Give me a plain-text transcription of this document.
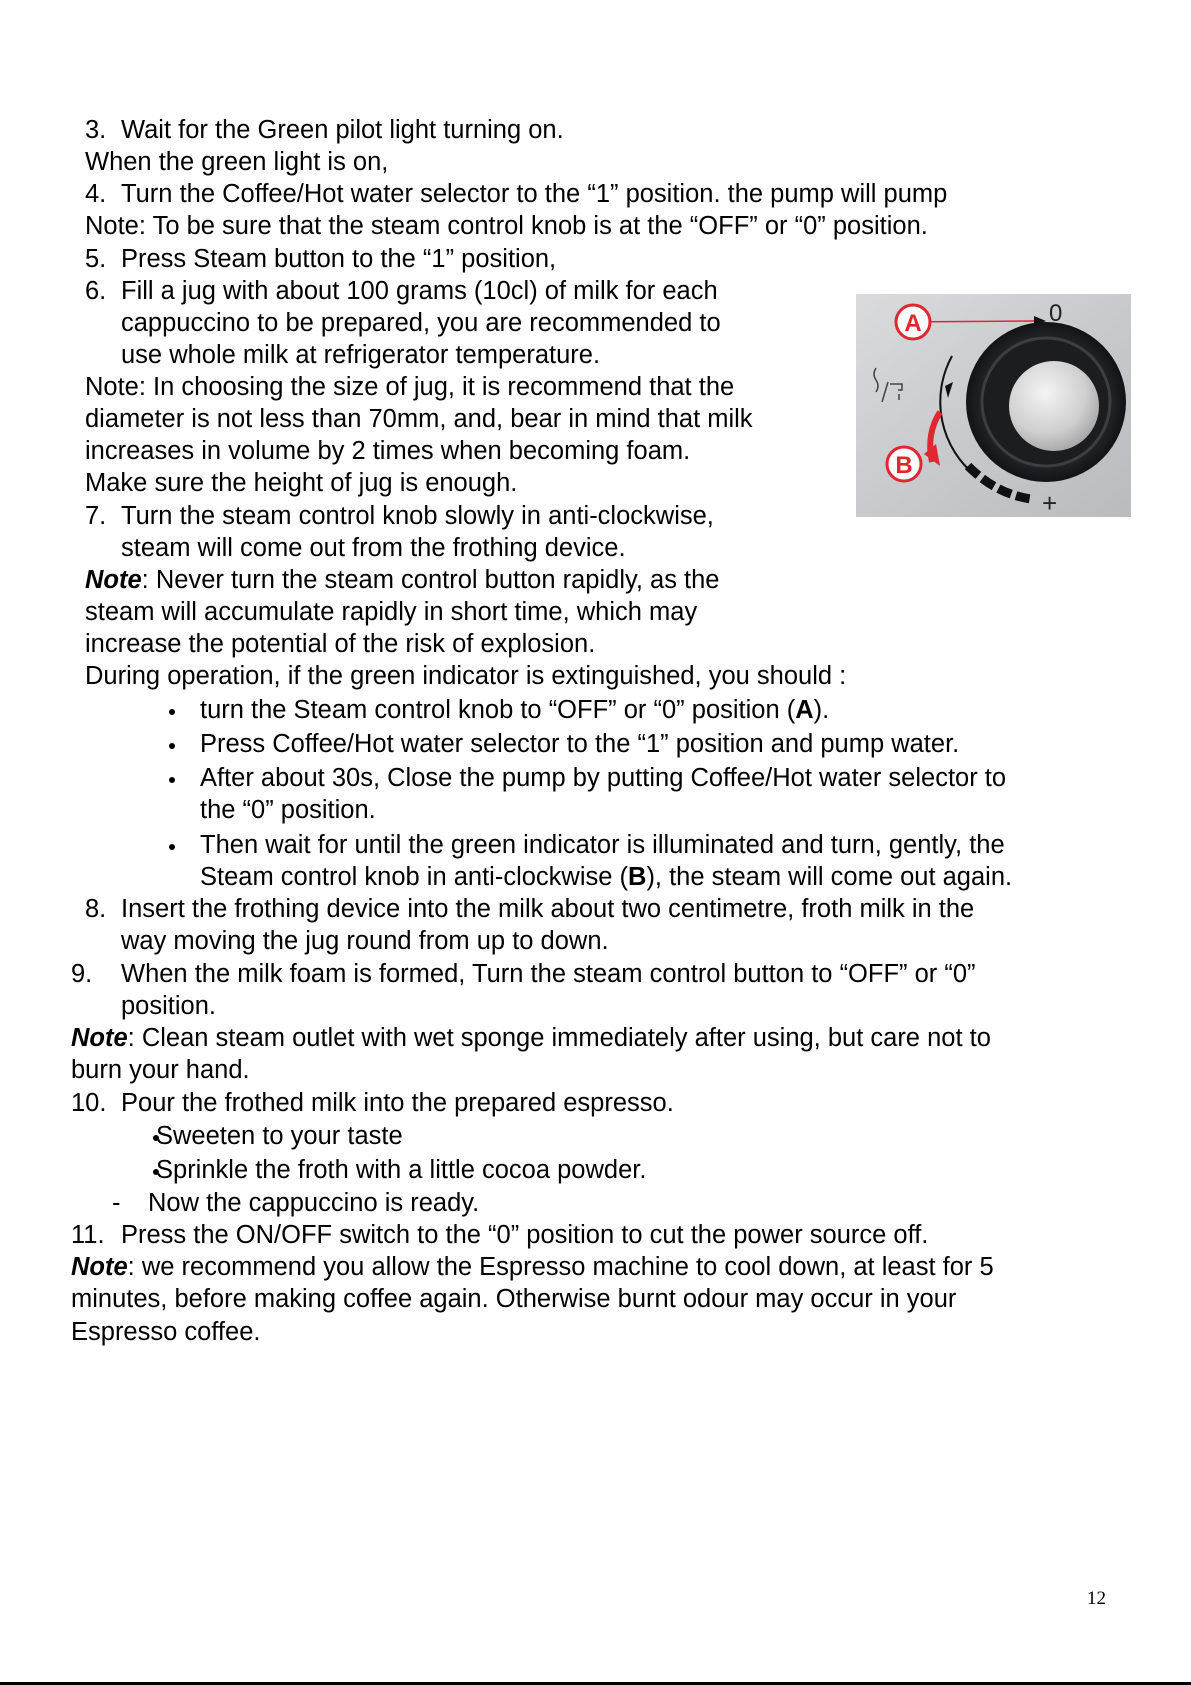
3. Wait for the Green pilot light turning on.
When the green light is on,
4. Turn the Coffee/Hot water selector to the “1” position. the pump will pump
Note: To be sure that the steam control knob is at the “OFF” or “0” position.
5. Press Steam button to the “1” position,
6. Fill a jug with about 100 grams (10cl) of milk for each
cappuccino to be prepared, you are recommended to
use whole milk at refrigerator temperature.
Note: In choosing the size of jug, it is recommend that the
diameter is not less than 70mm, and, bear in mind that milk
increases in volume by 2 times when becoming foam.
Make sure the height of jug is enough.
7. Turn the steam control knob slowly in anti-clockwise,
steam will come out from the frothing device.
Note: Never turn the steam control button rapidly, as the
steam will accumulate rapidly in short time, which may
increase the potential of the risk of explosion.
During operation, if the green indicator is extinguished, you should :
turn the Steam control knob to “OFF” or “0” position (A).
Press Coffee/Hot water selector to the “1” position and pump water.
After about 30s, Close the pump by putting Coffee/Hot water selector to
the “0” position.
Then wait for until the green indicator is illuminated and turn, gently, the
Steam control knob in anti-clockwise (B), the steam will come out again.
8. Insert the frothing device into the milk about two centimetre, froth milk in the
way moving the jug round from up to down.
9. When the milk foam is formed, Turn the steam control button to “OFF” or “0”
position.
Note: Clean steam outlet with wet sponge immediately after using, but care not to
burn your hand.
10. Pour the frothed milk into the prepared espresso.
Sweeten to your taste
Sprinkle the froth with a little cocoa powder.
- Now the cappuccino is ready.
11. Press the ON/OFF switch to the “0” position to cut the power source off.
Note: we recommend you allow the Espresso machine to cool down, at least for 5
minutes, before making coffee again. Otherwise burnt odour may occur in your
Espresso coffee.
A
B
0
+
12
